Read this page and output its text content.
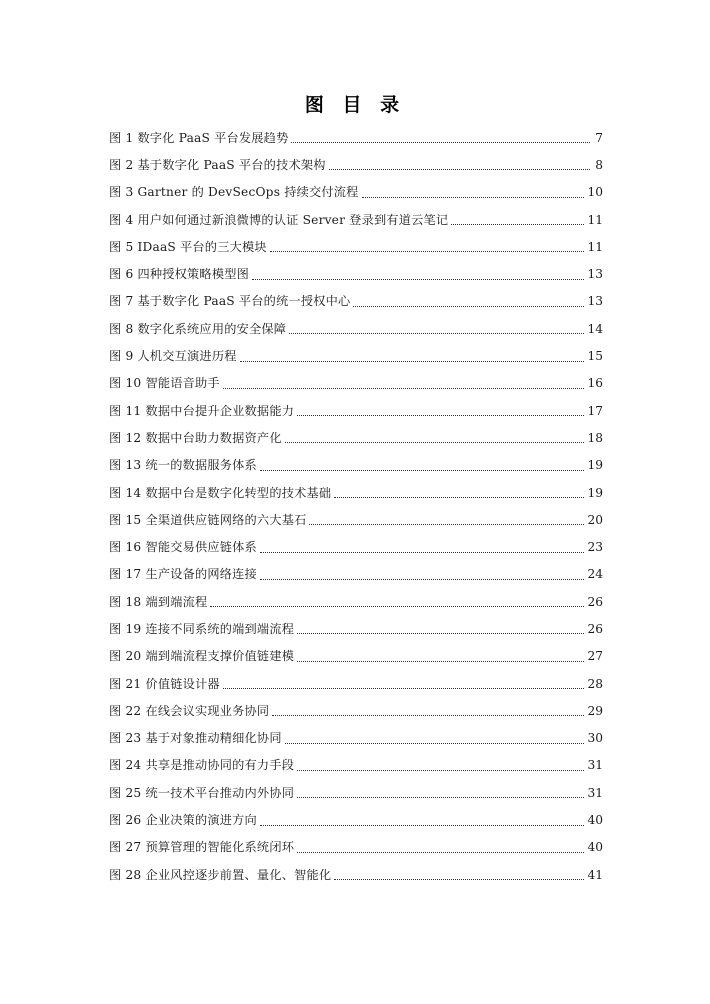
图 目 录
图 1 数字化 PaaS 平台发展趋势	7
图 2 基于数字化 PaaS 平台的技术架构	8
图 3 Gartner 的 DevSecOps 持续交付流程	10
图 4 用户如何通过新浪微博的认证 Server 登录到有道云笔记	11
图 5 IDaaS 平台的三大模块	11
图 6 四种授权策略模型图	13
图 7 基于数字化 PaaS 平台的统一授权中心	13
图 8 数字化系统应用的安全保障	14
图 9 人机交互演进历程	15
图 10 智能语音助手	16
图 11 数据中台提升企业数据能力	17
图 12 数据中台助力数据资产化	18
图 13 统一的数据服务体系	19
图 14 数据中台是数字化转型的技术基础	19
图 15 全渠道供应链网络的六大基石	20
图 16 智能交易供应链体系	23
图 17 生产设备的网络连接	24
图 18 端到端流程	26
图 19 连接不同系统的端到端流程	26
图 20 端到端流程支撑价值链建模	27
图 21 价值链设计器	28
图 22 在线会议实现业务协同	29
图 23 基于对象推动精细化协同	30
图 24 共享是推动协同的有力手段	31
图 25 统一技术平台推动内外协同	31
图 26 企业决策的演进方向	40
图 27 预算管理的智能化系统闭环	40
图 28 企业风控逐步前置、量化、智能化	41
